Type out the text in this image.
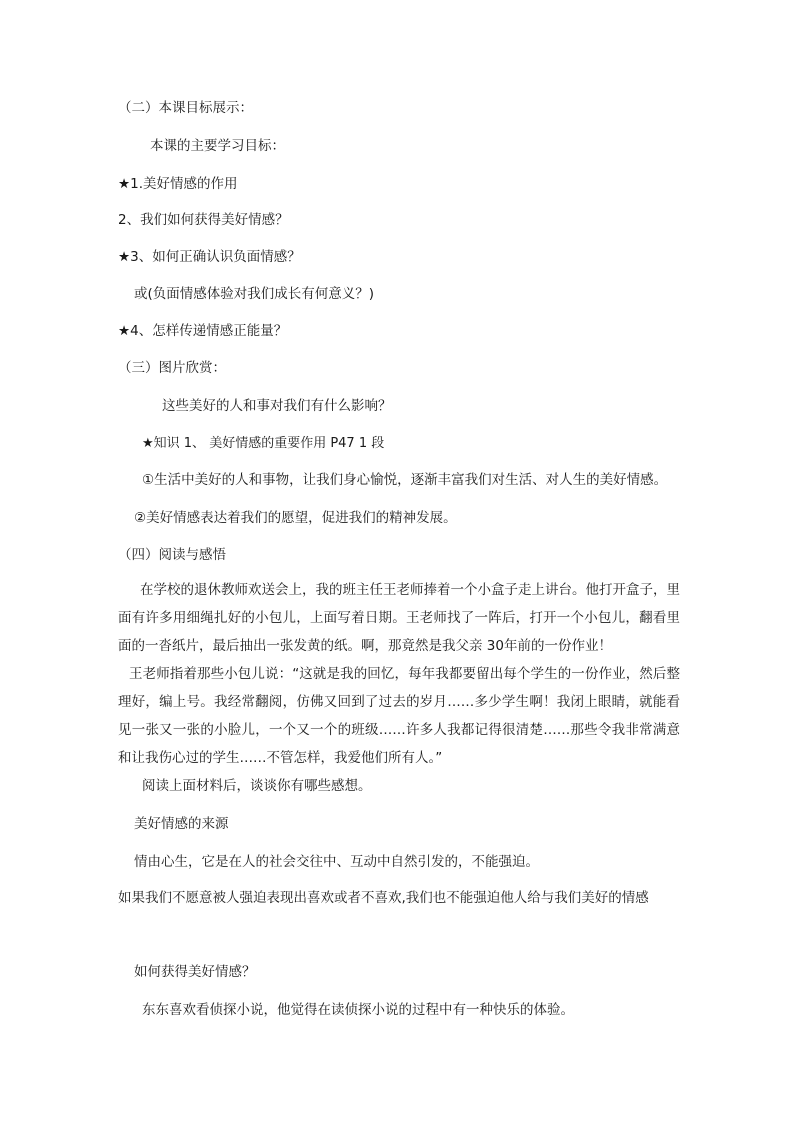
（二）本课目标展示：

本课的主要学习目标：

★1.美好情感的作用

2、我们如何获得美好情感？

★3、如何正确认识负面情感？

或(负面情感体验对我们成长有何意义？)

★4、怎样传递情感正能量？

（三）图片欣赏：

这些美好的人和事对我们有什么影响？

★知识 1、 美好情感的重要作用 P47 1 段

①生活中美好的人和事物，让我们身心愉悦，逐渐丰富我们对生活、对人生的美好情感。

②美好情感表达着我们的愿望，促进我们的精神发展。

（四）阅读与感悟

在学校的退休教师欢送会上，我的班主任王老师捧着一个小盒子走上讲台。他打开盒子，里面有许多用细绳扎好的小包儿，上面写着日期。王老师找了一阵后，打开一个小包儿，翻看里面的一沓纸片，最后抽出一张发黄的纸。啊，那竟然是我父亲 30年前的一份作业！

王老师指着那些小包儿说：“这就是我的回忆，每年我都要留出每个学生的一份作业，然后整理好，编上号。我经常翻阅，仿佛又回到了过去的岁月……多少学生啊！我闭上眼睛，就能看见一张又一张的小脸儿，一个又一个的班级……许多人我都记得很清楚……那些令我非常满意和让我伤心过的学生……不管怎样，我爱他们所有人。”

阅读上面材料后，谈谈你有哪些感想。

美好情感的来源

情由心生，它是在人的社会交往中、互动中自然引发的，不能强迫。

如果我们不愿意被人强迫表现出喜欢或者不喜欢,我们也不能强迫他人给与我们美好的情感

如何获得美好情感？

东东喜欢看侦探小说，他觉得在读侦探小说的过程中有一种快乐的体验。
